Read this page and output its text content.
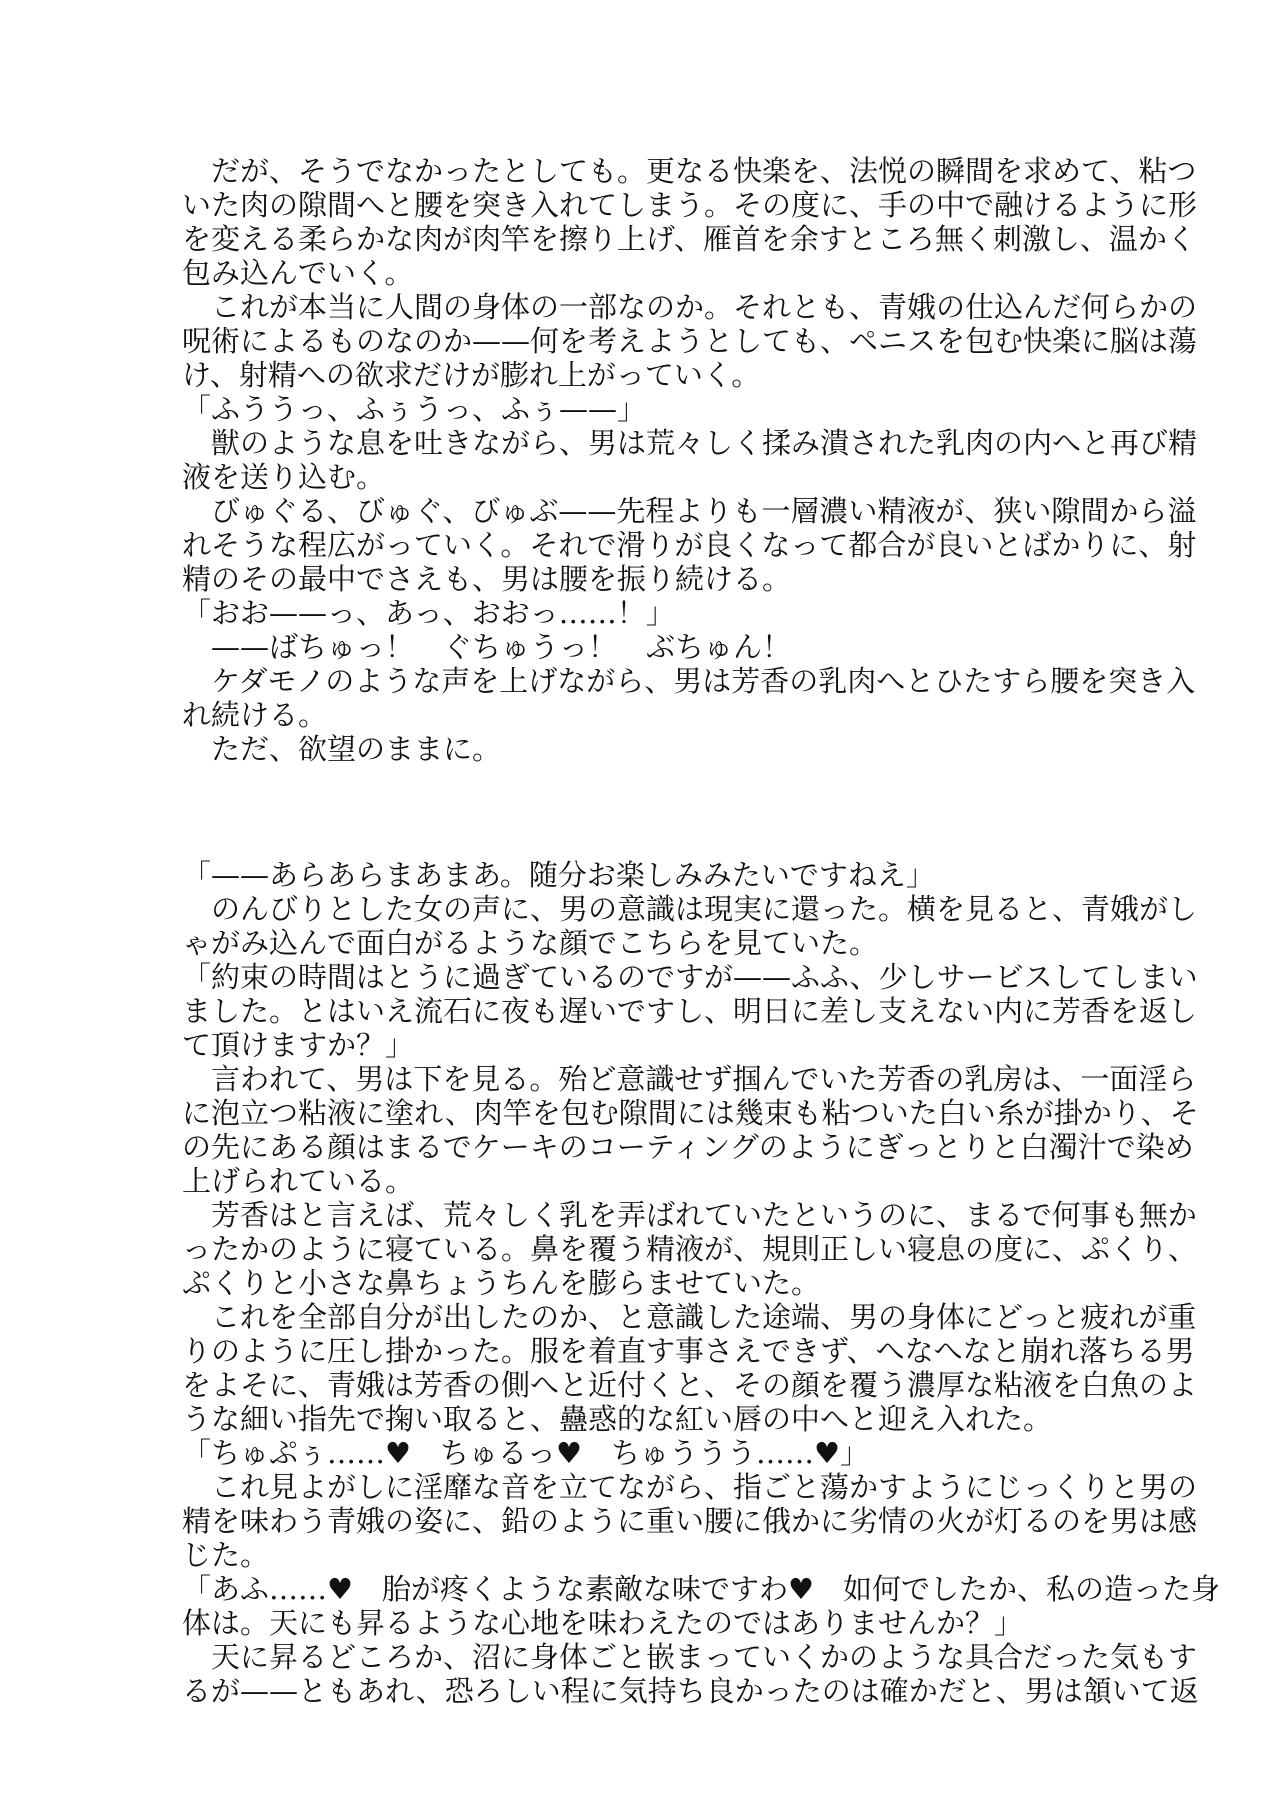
　だが、そうでなかったとしても。更なる快楽を、法悦の瞬間を求めて、粘つ
いた肉の隙間へと腰を突き入れてしまう。その度に、手の中で融けるように形
を変える柔らかな肉が肉竿を擦り上げ、雁首を余すところ無く刺激し、温かく
包み込んでいく。
　これが本当に人間の身体の一部なのか。それとも、青娥の仕込んだ何らかの
呪術によるものなのか——何を考えようとしても、ペニスを包む快楽に脳は蕩
け、射精への欲求だけが膨れ上がっていく。
「ふううっ、ふぅうっ、ふぅ——」
　獣のような息を吐きながら、男は荒々しく揉み潰された乳肉の内へと再び精
液を送り込む。
　びゅぐる、びゅぐ、びゅぶ——先程よりも一層濃い精液が、狭い隙間から溢
れそうな程広がっていく。それで滑りが良くなって都合が良いとばかりに、射
精のその最中でさえも、男は腰を振り続ける。
「おお——っ、あっ、おおっ……！」
　——ばちゅっ！　ぐちゅうっ！　ぶちゅん！
　ケダモノのような声を上げながら、男は芳香の乳肉へとひたすら腰を突き入
れ続ける。
　ただ、欲望のままに。
「——あらあらまあまあ。随分お楽しみみたいですねえ」
　のんびりとした女の声に、男の意識は現実に還った。横を見ると、青娥がし
ゃがみ込んで面白がるような顔でこちらを見ていた。
「約束の時間はとうに過ぎているのですが——ふふ、少しサービスしてしまい
ました。とはいえ流石に夜も遅いですし、明日に差し支えない内に芳香を返し
て頂けますか？」
　言われて、男は下を見る。殆ど意識せず掴んでいた芳香の乳房は、一面淫ら
に泡立つ粘液に塗れ、肉竿を包む隙間には幾束も粘ついた白い糸が掛かり、そ
の先にある顔はまるでケーキのコーティングのようにぎっとりと白濁汁で染め
上げられている。
　芳香はと言えば、荒々しく乳を弄ばれていたというのに、まるで何事も無か
ったかのように寝ている。鼻を覆う精液が、規則正しい寝息の度に、ぷくり、
ぷくりと小さな鼻ちょうちんを膨らませていた。
　これを全部自分が出したのか、と意識した途端、男の身体にどっと疲れが重
りのように圧し掛かった。服を着直す事さえできず、へなへなと崩れ落ちる男
をよそに、青娥は芳香の側へと近付くと、その顔を覆う濃厚な粘液を白魚のよ
うな細い指先で掬い取ると、蠱惑的な紅い唇の中へと迎え入れた。
「ちゅぷぅ……♥　ちゅるっ♥　ちゅううう……♥」
　これ見よがしに淫靡な音を立てながら、指ごと蕩かすようにじっくりと男の
精を味わう青娥の姿に、鉛のように重い腰に俄かに劣情の火が灯るのを男は感
じた。
「あふ……♥　胎が疼くような素敵な味ですわ♥　如何でしたか、私の造った身
体は。天にも昇るような心地を味わえたのではありませんか？」
　天に昇るどころか、沼に身体ごと嵌まっていくかのような具合だった気もす
るが——ともあれ、恐ろしい程に気持ち良かったのは確かだと、男は頷いて返
